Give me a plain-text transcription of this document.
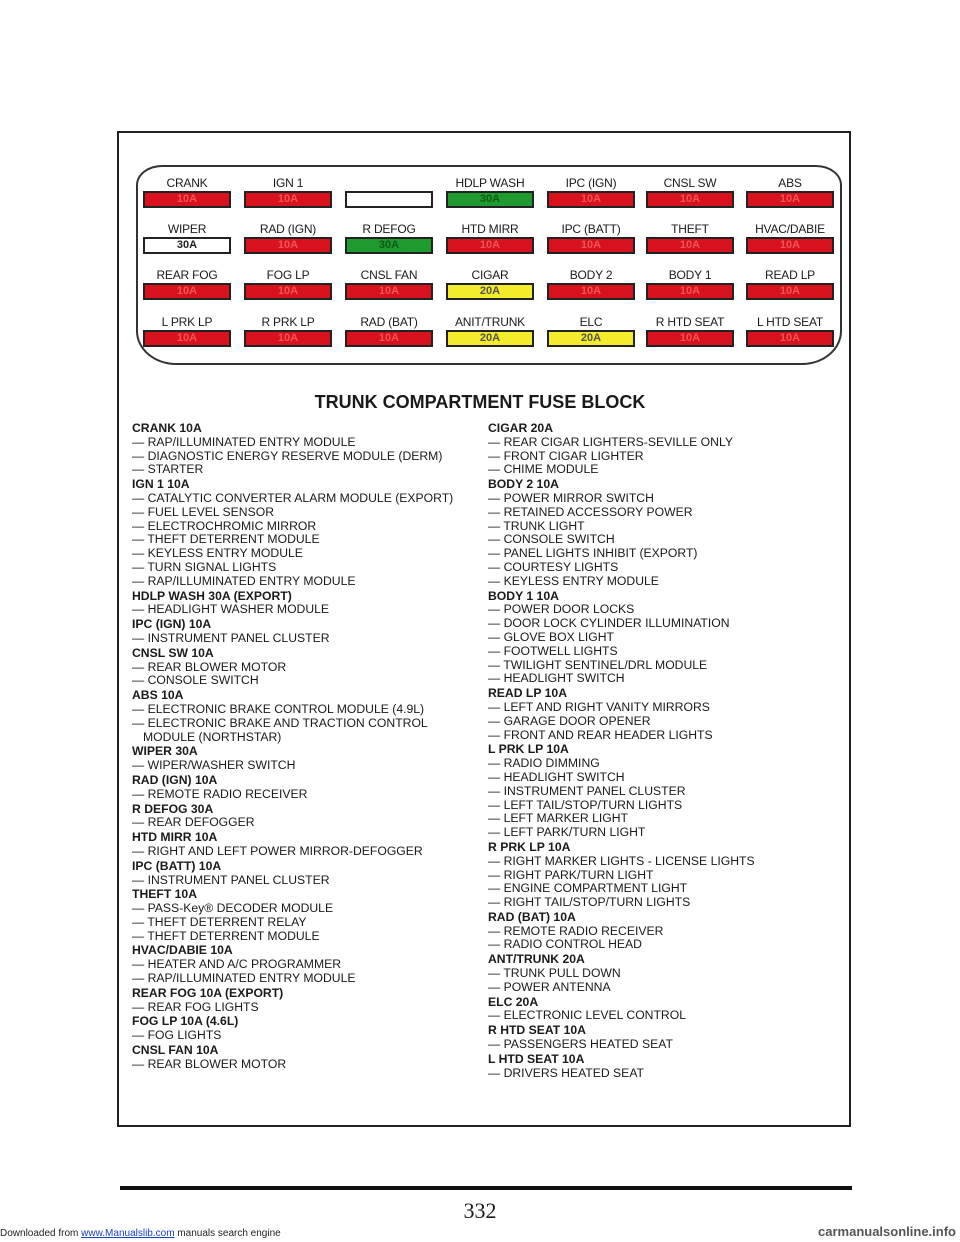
CRANK
10A
IGN 1
10A
HDLP WASH
30A
IPC (IGN)
10A
CNSL SW
10A
ABS
10A
WIPER
30A
RAD (IGN)
10A
R DEFOG
30A
HTD MIRR
10A
IPC (BATT)
10A
THEFT
10A
HVAC/DABIE
10A
REAR FOG
10A
FOG LP
10A
CNSL FAN
10A
CIGAR
20A
BODY 2
10A
BODY 1
10A
READ LP
10A
L PRK LP
10A
R PRK LP
10A
RAD (BAT)
10A
ANIT/TRUNK
20A
ELC
20A
R HTD SEAT
10A
L HTD SEAT
10A
TRUNK COMPARTMENT FUSE BLOCK
CRANK 10A
— RAP/ILLUMINATED ENTRY MODULE
— DIAGNOSTIC ENERGY RESERVE MODULE (DERM)
— STARTER
IGN 1 10A
— CATALYTIC CONVERTER ALARM MODULE (EXPORT)
— FUEL LEVEL SENSOR
— ELECTROCHROMIC MIRROR
— THEFT DETERRENT MODULE
— KEYLESS ENTRY MODULE
— TURN SIGNAL LIGHTS
— RAP/ILLUMINATED ENTRY MODULE
HDLP WASH 30A (EXPORT)
— HEADLIGHT WASHER MODULE
IPC (IGN) 10A
— INSTRUMENT PANEL CLUSTER
CNSL SW 10A
— REAR BLOWER MOTOR
— CONSOLE SWITCH
ABS 10A
— ELECTRONIC BRAKE CONTROL MODULE (4.9L)
— ELECTRONIC BRAKE AND TRACTION CONTROL MODULE (NORTHSTAR)
WIPER 30A
— WIPER/WASHER SWITCH
RAD (IGN) 10A
— REMOTE RADIO RECEIVER
R DEFOG 30A
— REAR DEFOGGER
HTD MIRR 10A
— RIGHT AND LEFT POWER MIRROR-DEFOGGER
IPC (BATT) 10A
— INSTRUMENT PANEL CLUSTER
THEFT 10A
— PASS-Key® DECODER MODULE
— THEFT DETERRENT RELAY
— THEFT DETERRENT MODULE
HVAC/DABIE 10A
— HEATER AND A/C PROGRAMMER
— RAP/ILLUMINATED ENTRY MODULE
REAR FOG 10A (EXPORT)
— REAR FOG LIGHTS
FOG LP 10A (4.6L)
— FOG LIGHTS
CNSL FAN 10A
— REAR BLOWER MOTOR
CIGAR 20A
— REAR CIGAR LIGHTERS-SEVILLE ONLY
— FRONT CIGAR LIGHTER
— CHIME MODULE
BODY 2 10A
— POWER MIRROR SWITCH
— RETAINED ACCESSORY POWER
— TRUNK LIGHT
— CONSOLE SWITCH
— PANEL LIGHTS INHIBIT (EXPORT)
— COURTESY LIGHTS
— KEYLESS ENTRY MODULE
BODY 1 10A
— POWER DOOR LOCKS
— DOOR LOCK CYLINDER ILLUMINATION
— GLOVE BOX LIGHT
— FOOTWELL LIGHTS
— TWILIGHT SENTINEL/DRL MODULE
— HEADLIGHT SWITCH
READ LP 10A
— LEFT AND RIGHT VANITY MIRRORS
— GARAGE DOOR OPENER
— FRONT AND REAR HEADER LIGHTS
L PRK LP 10A
— RADIO DIMMING
— HEADLIGHT SWITCH
— INSTRUMENT PANEL CLUSTER
— LEFT TAIL/STOP/TURN LIGHTS
— LEFT MARKER LIGHT
— LEFT PARK/TURN LIGHT
R PRK LP 10A
— RIGHT MARKER LIGHTS - LICENSE LIGHTS
— RIGHT PARK/TURN LIGHT
— ENGINE COMPARTMENT LIGHT
— RIGHT TAIL/STOP/TURN LIGHTS
RAD (BAT) 10A
— REMOTE RADIO RECEIVER
— RADIO CONTROL HEAD
ANT/TRUNK 20A
— TRUNK PULL DOWN
— POWER ANTENNA
ELC 20A
— ELECTRONIC LEVEL CONTROL
R HTD SEAT 10A
— PASSENGERS HEATED SEAT
L HTD SEAT 10A
— DRIVERS HEATED SEAT
332
Downloaded from www.Manualslib.com manuals search engine	carmanualsonline.info
